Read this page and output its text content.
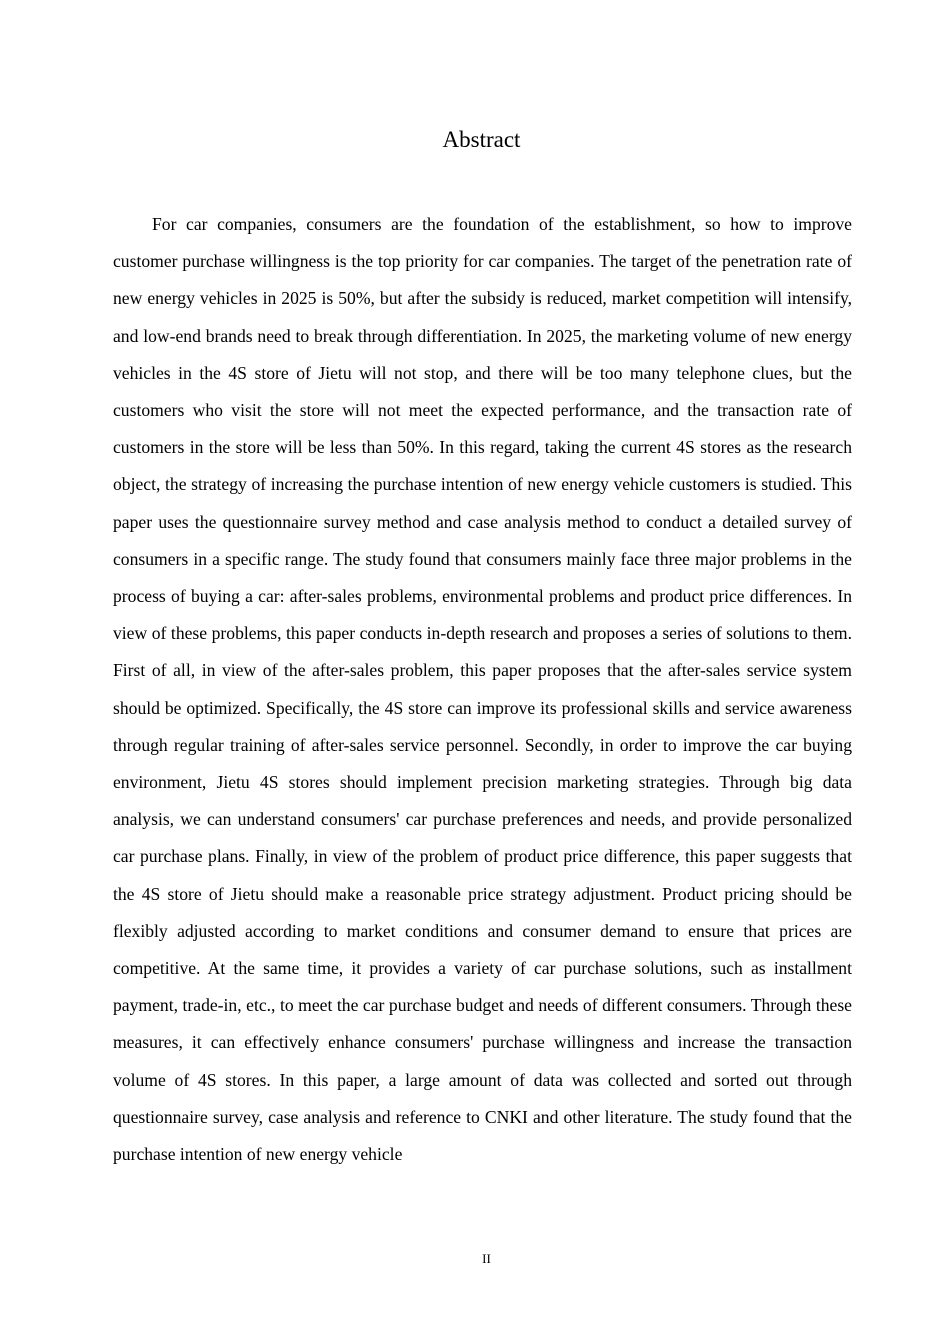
Abstract

For car companies, consumers are the foundation of the establishment, so how to improve customer purchase willingness is the top priority for car companies. The target of the penetration rate of new energy vehicles in 2025 is 50%, but after the subsidy is reduced, market competition will intensify, and low-end brands need to break through differentiation. In 2025, the marketing volume of new energy vehicles in the 4S store of Jietu will not stop, and there will be too many telephone clues, but the customers who visit the store will not meet the expected performance, and the transaction rate of customers in the store will be less than 50%. In this regard, taking the current 4S stores as the research object, the strategy of increasing the purchase intention of new energy vehicle customers is studied. This paper uses the questionnaire survey method and case analysis method to conduct a detailed survey of consumers in a specific range. The study found that consumers mainly face three major problems in the process of buying a car: after-sales problems, environmental problems and product price differences. In view of these problems, this paper conducts in-depth research and proposes a series of solutions to them. First of all, in view of the after-sales problem, this paper proposes that the after-sales service system should be optimized. Specifically, the 4S store can improve its professional skills and service awareness through regular training of after-sales service personnel. Secondly, in order to improve the car buying environment, Jietu 4S stores should implement precision marketing strategies. Through big data analysis, we can understand consumers' car purchase preferences and needs, and provide personalized car purchase plans. Finally, in view of the problem of product price difference, this paper suggests that the 4S store of Jietu should make a reasonable price strategy adjustment. Product pricing should be flexibly adjusted according to market conditions and consumer demand to ensure that prices are competitive. At the same time, it provides a variety of car purchase solutions, such as installment payment, trade-in, etc., to meet the car purchase budget and needs of different consumers. Through these measures, it can effectively enhance consumers' purchase willingness and increase the transaction volume of 4S stores. In this paper, a large amount of data was collected and sorted out through questionnaire survey, case analysis and reference to CNKI and other literature. The study found that the purchase intention of new energy vehicle

II
